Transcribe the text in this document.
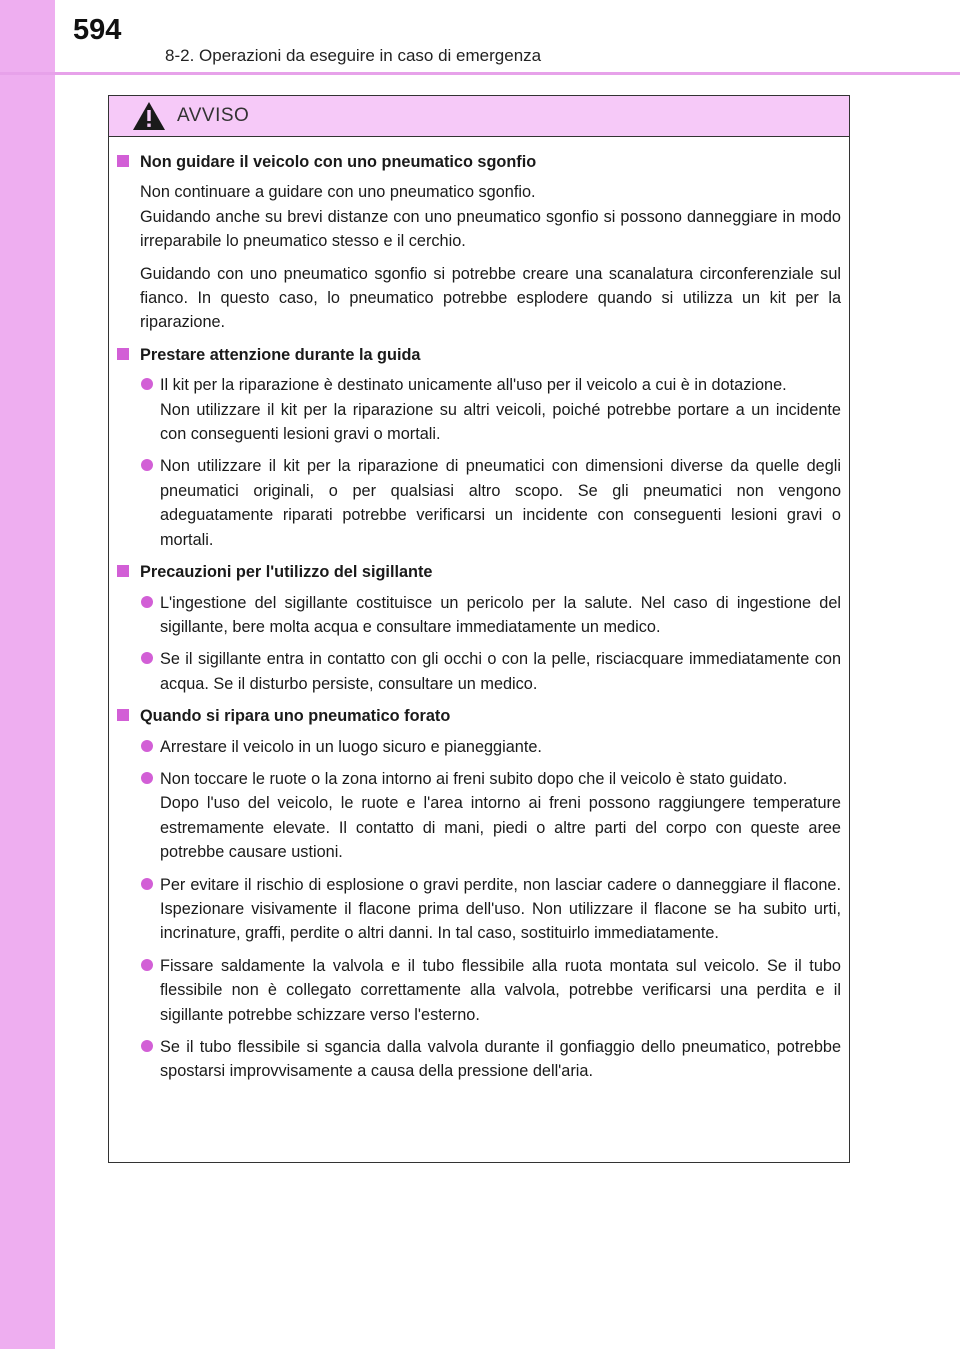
594
8-2. Operazioni da eseguire in caso di emergenza
AVVISO
Non guidare il veicolo con uno pneumatico sgonfio

Non continuare a guidare con uno pneumatico sgonfio.

Guidando anche su brevi distanze con uno pneumatico sgonfio si possono danneggiare in modo irreparabile lo pneumatico stesso e il cerchio.

Guidando con uno pneumatico sgonfio si potrebbe creare una scanalatura circonferenziale sul fianco. In questo caso, lo pneumatico potrebbe esplodere quando si utilizza un kit per la riparazione.

Prestare attenzione durante la guida

Il kit per la riparazione è destinato unicamente all'uso per il veicolo a cui è in dotazione.

Non utilizzare il kit per la riparazione su altri veicoli, poiché potrebbe portare a un incidente con conseguenti lesioni gravi o mortali.

Non utilizzare il kit per la riparazione di pneumatici con dimensioni diverse da quelle degli pneumatici originali, o per qualsiasi altro scopo. Se gli pneumatici non vengono adeguatamente riparati potrebbe verificarsi un incidente con conseguenti lesioni gravi o mortali.

Precauzioni per l'utilizzo del sigillante

L'ingestione del sigillante costituisce un pericolo per la salute. Nel caso di ingestione del sigillante, bere molta acqua e consultare immediatamente un medico.

Se il sigillante entra in contatto con gli occhi o con la pelle, risciacquare immediatamente con acqua. Se il disturbo persiste, consultare un medico.

Quando si ripara uno pneumatico forato

Arrestare il veicolo in un luogo sicuro e pianeggiante.

Non toccare le ruote o la zona intorno ai freni subito dopo che il veicolo è stato guidato.

Dopo l'uso del veicolo, le ruote e l'area intorno ai freni possono raggiungere temperature estremamente elevate. Il contatto di mani, piedi o altre parti del corpo con queste aree potrebbe causare ustioni.

Per evitare il rischio di esplosione o gravi perdite, non lasciar cadere o danneggiare il flacone. Ispezionare visivamente il flacone prima dell'uso. Non utilizzare il flacone se ha subito urti, incrinature, graffi, perdite o altri danni. In tal caso, sostituirlo immediatamente.

Fissare saldamente la valvola e il tubo flessibile alla ruota montata sul veicolo. Se il tubo flessibile non è collegato correttamente alla valvola, potrebbe verificarsi una perdita e il sigillante potrebbe schizzare verso l'esterno.

Se il tubo flessibile si sgancia dalla valvola durante il gonfiaggio dello pneumatico, potrebbe spostarsi improvvisamente a causa della pressione dell'aria.
